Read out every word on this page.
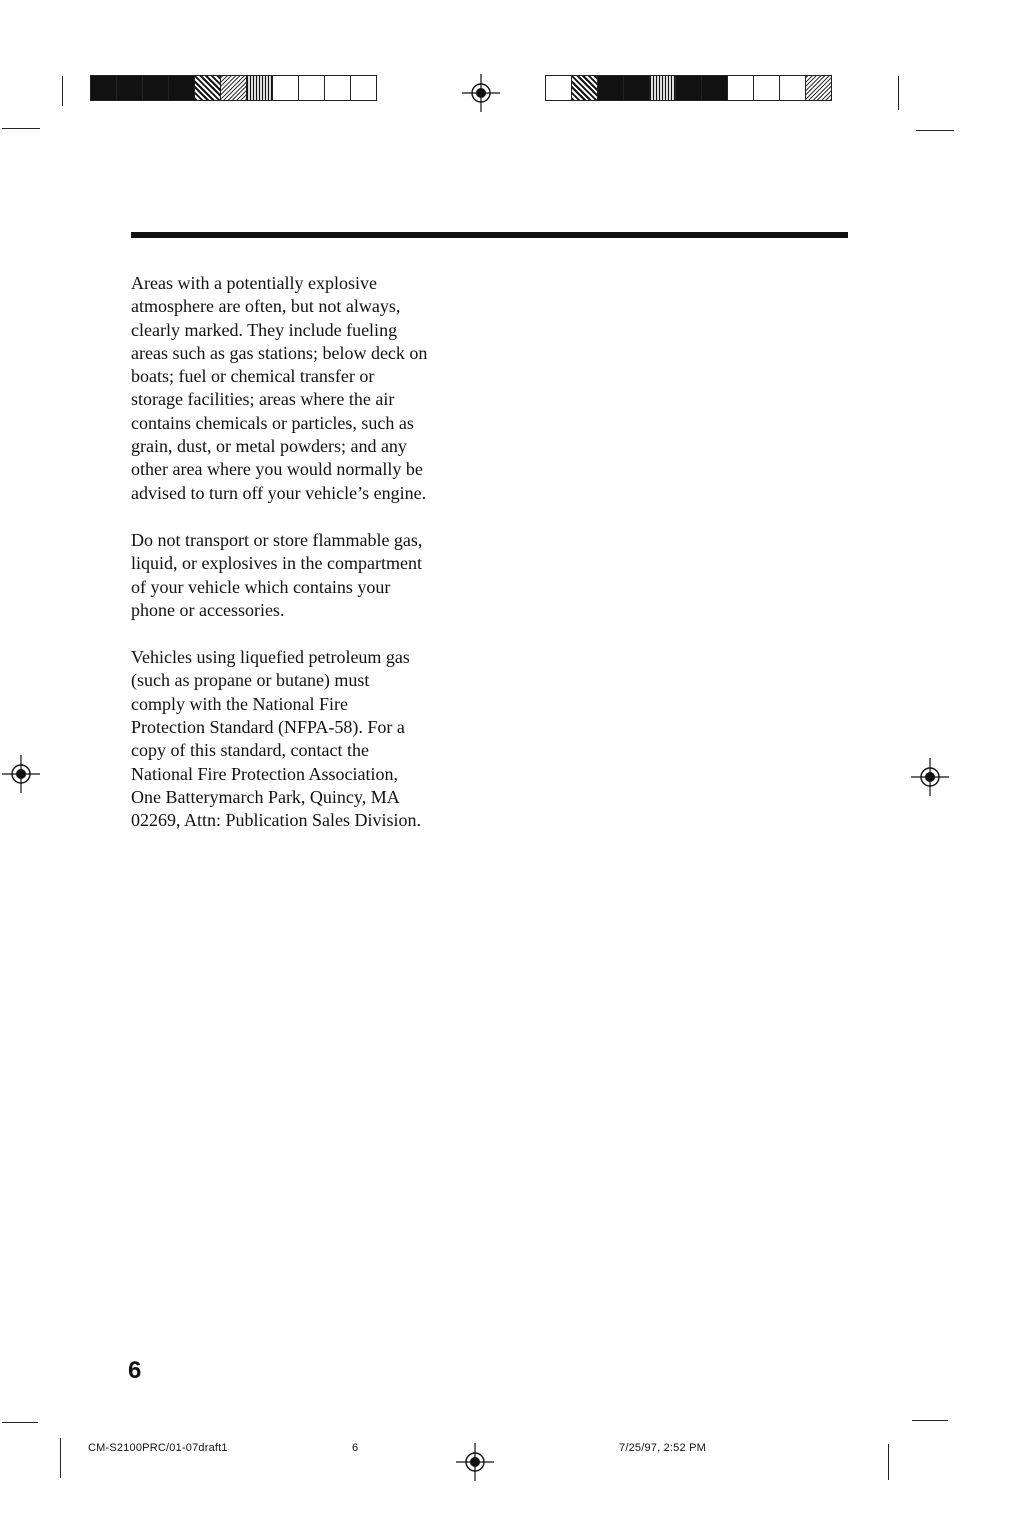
Areas with a potentially explosive
atmosphere are often, but not always,
clearly marked. They include fueling
areas such as gas stations; below deck on
boats; fuel or chemical transfer or
storage facilities; areas where the air
contains chemicals or particles, such as
grain, dust, or metal powders; and any
other area where you would normally be
advised to turn off your vehicle’s engine.

Do not transport or store flammable gas,
liquid, or explosives in the compartment
of your vehicle which contains your
phone or accessories.

Vehicles using liquefied petroleum gas
(such as propane or butane) must
comply with the National Fire
Protection Standard (NFPA-58). For a
copy of this standard, contact the
National Fire Protection Association,
One Batterymarch Park, Quincy, MA
02269, Attn: Publication Sales Division.

6
CM-S2100PRC/01-07draft1	6	7/25/97, 2:52 PM
